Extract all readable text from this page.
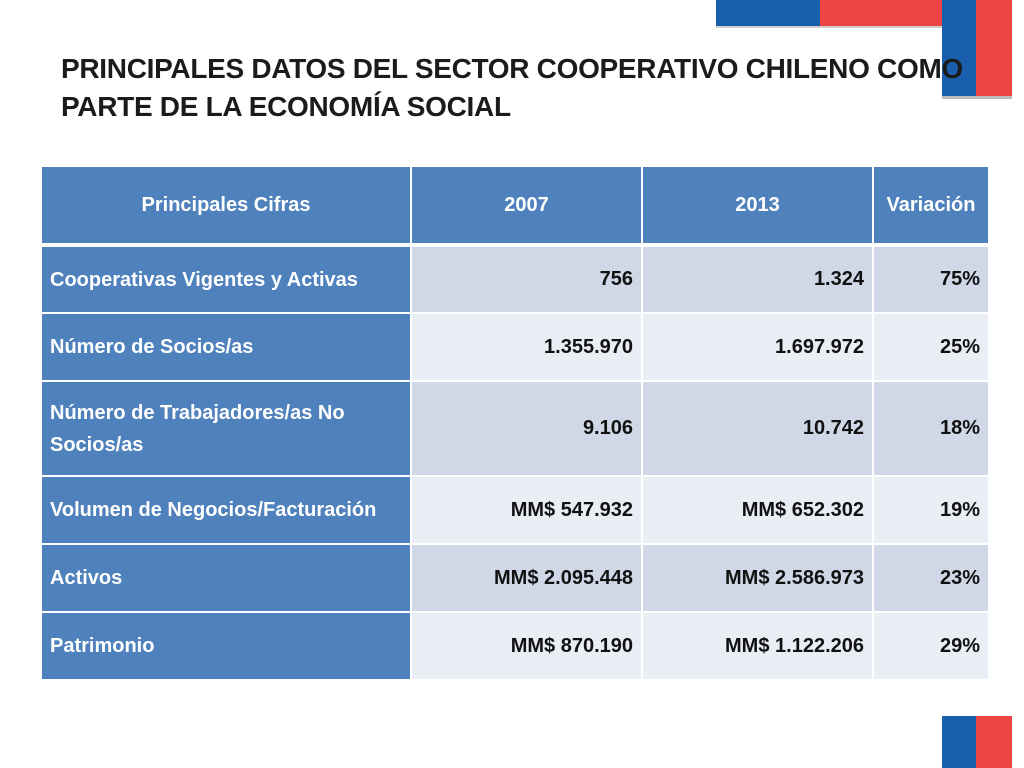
PRINCIPALES DATOS DEL SECTOR COOPERATIVO CHILENO COMO
PARTE DE LA ECONOMÍA SOCIAL
Principales Cifras	2007	2013	Variación
Cooperativas Vigentes y Activas	756	1.324	75%
Número de Socios/as	1.355.970	1.697.972	25%
Número de Trabajadores/as No Socios/as	9.106	10.742	18%
Volumen de Negocios/Facturación	MM$ 547.932	MM$ 652.302	19%
Activos	MM$ 2.095.448	MM$ 2.586.973	23%
Patrimonio	MM$ 870.190	MM$ 1.122.206	29%
